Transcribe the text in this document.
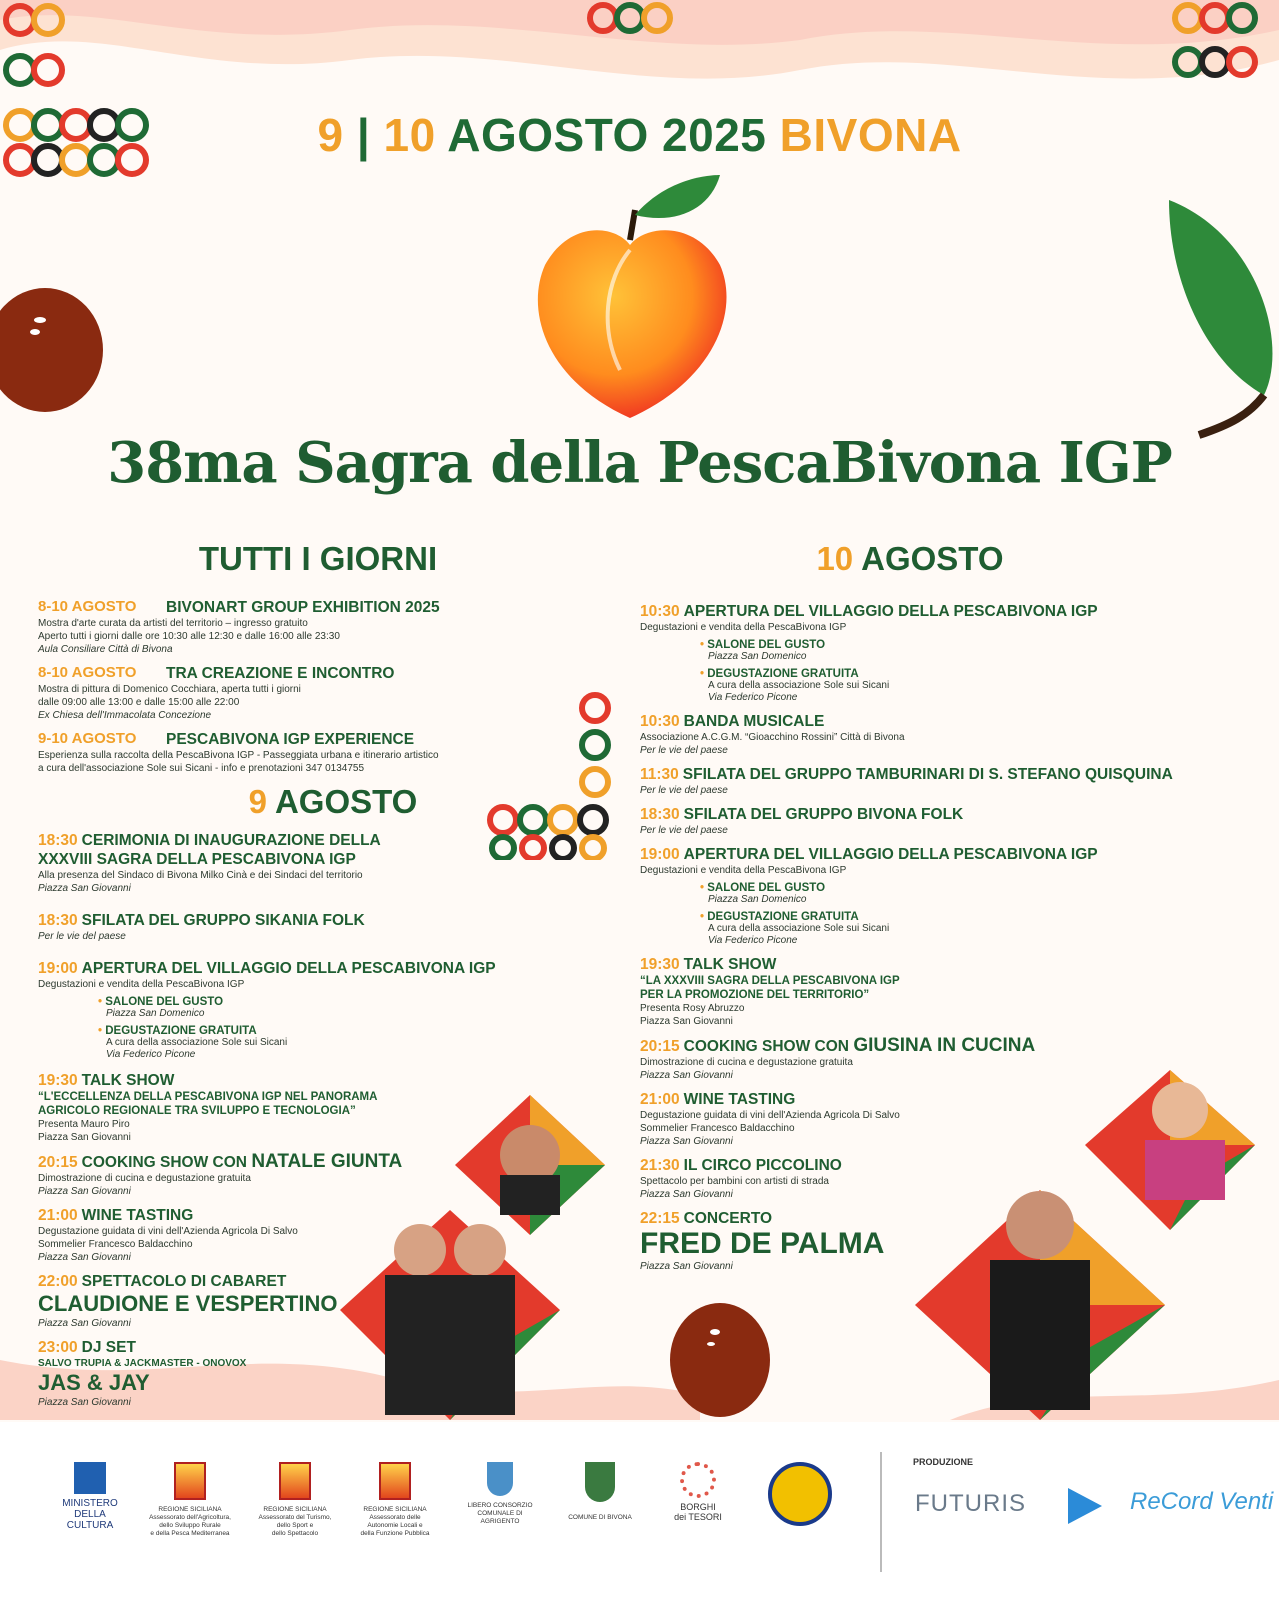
9 | 10 AGOSTO 2025 BIVONA
38ma Sagra della PescaBivona IGP
TUTTI I GIORNI
8-10 AGOSTO	BIVONART GROUP EXHIBITION 2025
Mostra d'arte curata da artisti del territorio – ingresso gratuito
Aperto tutti i giorni dalle ore 10:30 alle 12:30 e dalle 16:00 alle 23:30
Aula Consiliare Città di Bivona
8-10 AGOSTO	TRA CREAZIONE E INCONTRO
Mostra di pittura di Domenico Cocchiara, aperta tutti i giorni
dalle 09:00 alle 13:00 e dalle 15:00 alle 22:00
Ex Chiesa dell'Immacolata Concezione
9-10 AGOSTO	PESCABIVONA IGP EXPERIENCE
Esperienza sulla raccolta della PescaBivona IGP - Passeggiata urbana e itinerario artistico
a cura dell'associazione Sole sui Sicani - info e prenotazioni 347 0134755
9 AGOSTO
18:30 CERIMONIA DI INAUGURAZIONE DELLA
XXXVIII SAGRA DELLA PESCABIVONA IGP
Alla presenza del Sindaco di Bivona Milko Cinà e dei Sindaci del territorio
Piazza San Giovanni
18:30 SFILATA DEL GRUPPO SIKANIA FOLK
Per le vie del paese
19:00 APERTURA DEL VILLAGGIO DELLA PESCABIVONA IGP
Degustazioni e vendita della PescaBivona IGP
• SALONE DEL GUSTO
Piazza San Domenico
• DEGUSTAZIONE GRATUITA
A cura della associazione Sole sui Sicani
Via Federico Picone
19:30 TALK SHOW
“L'ECCELLENZA DELLA PESCABIVONA IGP NEL PANORAMA
AGRICOLO REGIONALE TRA SVILUPPO E TECNOLOGIA”
Presenta Mauro Piro
Piazza San Giovanni
20:15 COOKING SHOW CON NATALE GIUNTA
Dimostrazione di cucina e degustazione gratuita
Piazza San Giovanni
21:00 WINE TASTING
Degustazione guidata di vini dell'Azienda Agricola Di Salvo
Sommelier Francesco Baldacchino
Piazza San Giovanni
22:00 SPETTACOLO DI CABARET
CLAUDIONE E VESPERTINO
Piazza San Giovanni
23:00 DJ SET
SALVO TRUPIA & JACKMASTER - ONOVOX
JAS & JAY
Piazza San Giovanni
10 AGOSTO
10:30 APERTURA DEL VILLAGGIO DELLA PESCABIVONA IGP
Degustazioni e vendita della PescaBivona IGP
• SALONE DEL GUSTO
Piazza San Domenico
• DEGUSTAZIONE GRATUITA
A cura della associazione Sole sui Sicani
Via Federico Picone
10:30 BANDA MUSICALE
Associazione A.C.G.M. “Gioacchino Rossini” Città di Bivona
Per le vie del paese
11:30 SFILATA DEL GRUPPO TAMBURINARI DI S. STEFANO QUISQUINA
Per le vie del paese
18:30 SFILATA DEL GRUPPO BIVONA FOLK
Per le vie del paese
19:00 APERTURA DEL VILLAGGIO DELLA PESCABIVONA IGP
Degustazioni e vendita della PescaBivona IGP
• SALONE DEL GUSTO
Piazza San Domenico
• DEGUSTAZIONE GRATUITA
A cura della associazione Sole sui Sicani
Via Federico Picone
19:30 TALK SHOW
“LA XXXVIII SAGRA DELLA PESCABIVONA IGP
PER LA PROMOZIONE DEL TERRITORIO”
Presenta Rosy Abruzzo
Piazza San Giovanni
20:15 COOKING SHOW CON GIUSINA IN CUCINA
Dimostrazione di cucina e degustazione gratuita
Piazza San Giovanni
21:00 WINE TASTING
Degustazione guidata di vini dell'Azienda Agricola Di Salvo
Sommelier Francesco Baldacchino
Piazza San Giovanni
21:30 IL CIRCO PICCOLINO
Spettacolo per bambini con artisti di strada
Piazza San Giovanni
22:15 CONCERTO
FRED DE PALMA
Piazza San Giovanni
MINISTERO
DELLA
CULTURA
REGIONE SICILIANA
Assessorato dell'Agricoltura,
dello Sviluppo Rurale
e della Pesca Mediterranea
REGIONE SICILIANA
Assessorato del Turismo,
dello Sport e
dello Spettacolo
REGIONE SICILIANA
Assessorato delle
Autonomie Locali e
della Funzione Pubblica
LIBERO CONSORZIO
COMUNALE DI
AGRIGENTO
COMUNE DI BIVONA
BORGHI
dei TESORI
PRODUZIONE
FUTURIS	ReCord Venti
